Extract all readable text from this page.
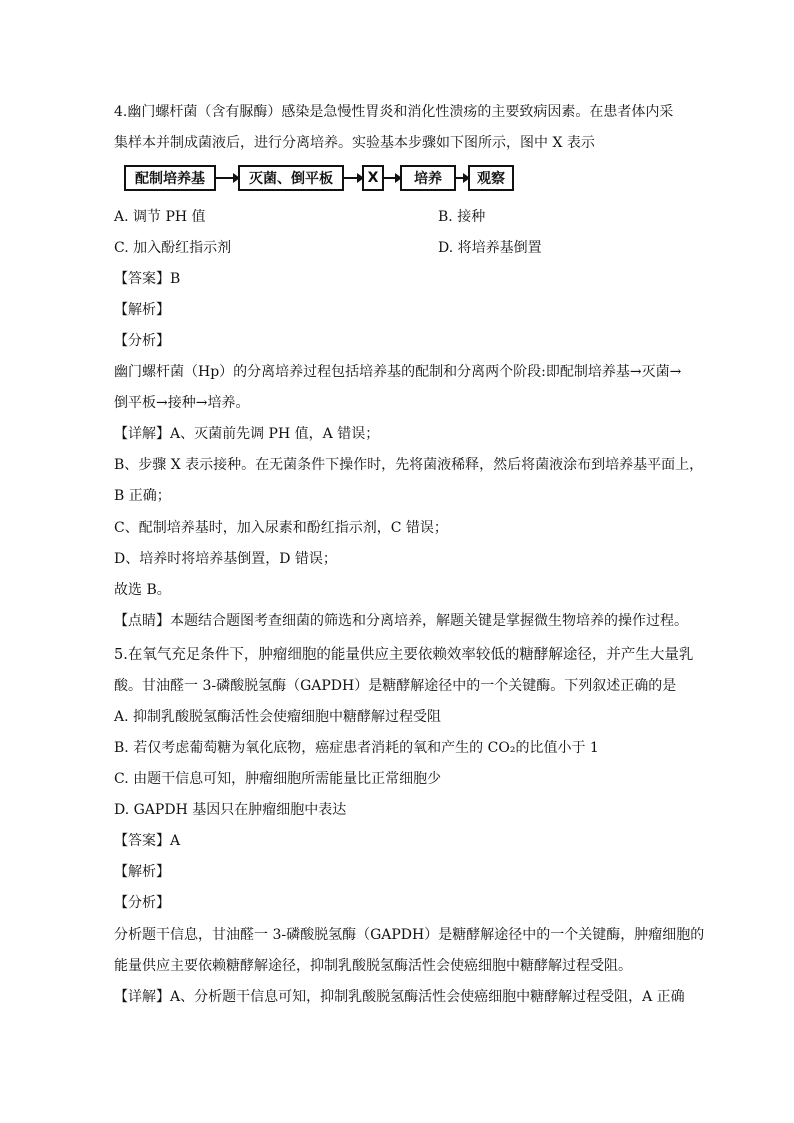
4.幽门螺杆菌（含有脲酶）感染是急慢性胃炎和消化性溃疡的主要致病因素。在患者体内采
集样本并制成菌液后，进行分离培养。实验基本步骤如下图所示，图中 X 表示
配制培养基	灭菌、倒平板	X	培养	观察
A. 调节 PH 值	B. 接种
C. 加入酚红指示剂	D. 将培养基倒置
【答案】B
【解析】
【分析】
幽门螺杆菌（Hp）的分离培养过程包括培养基的配制和分离两个阶段:即配制培养基→灭菌→
倒平板→接种→培养。
【详解】A、灭菌前先调 PH 值，A 错误；
B、步骤 X 表示接种。在无菌条件下操作时，先将菌液稀释，然后将菌液涂布到培养基平面上，
B 正确；
C、配制培养基时，加入尿素和酚红指示剂，C 错误；
D、培养时将培养基倒置，D 错误；
故选 B。
【点睛】本题结合题图考查细菌的筛选和分离培养，解题关键是掌握微生物培养的操作过程。
5.在氧气充足条件下，肿瘤细胞的能量供应主要依赖效率较低的糖酵解途径，并产生大量乳
酸。甘油醛一 3-磷酸脱氢酶（GAPDH）是糖酵解途径中的一个关键酶。下列叙述正确的是
A. 抑制乳酸脱氢酶活性会使瘤细胞中糖酵解过程受阻
B. 若仅考虑葡萄糖为氧化底物，癌症患者消耗的氧和产生的 CO₂的比值小于 1
C. 由题干信息可知，肿瘤细胞所需能量比正常细胞少
D. GAPDH 基因只在肿瘤细胞中表达
【答案】A
【解析】
【分析】
分析题干信息，甘油醛一 3-磷酸脱氢酶（GAPDH）是糖酵解途径中的一个关键酶，肿瘤细胞的
能量供应主要依赖糖酵解途径，抑制乳酸脱氢酶活性会使癌细胞中糖酵解过程受阻。
【详解】A、分析题干信息可知，抑制乳酸脱氢酶活性会使癌细胞中糖酵解过程受阻，A 正确
